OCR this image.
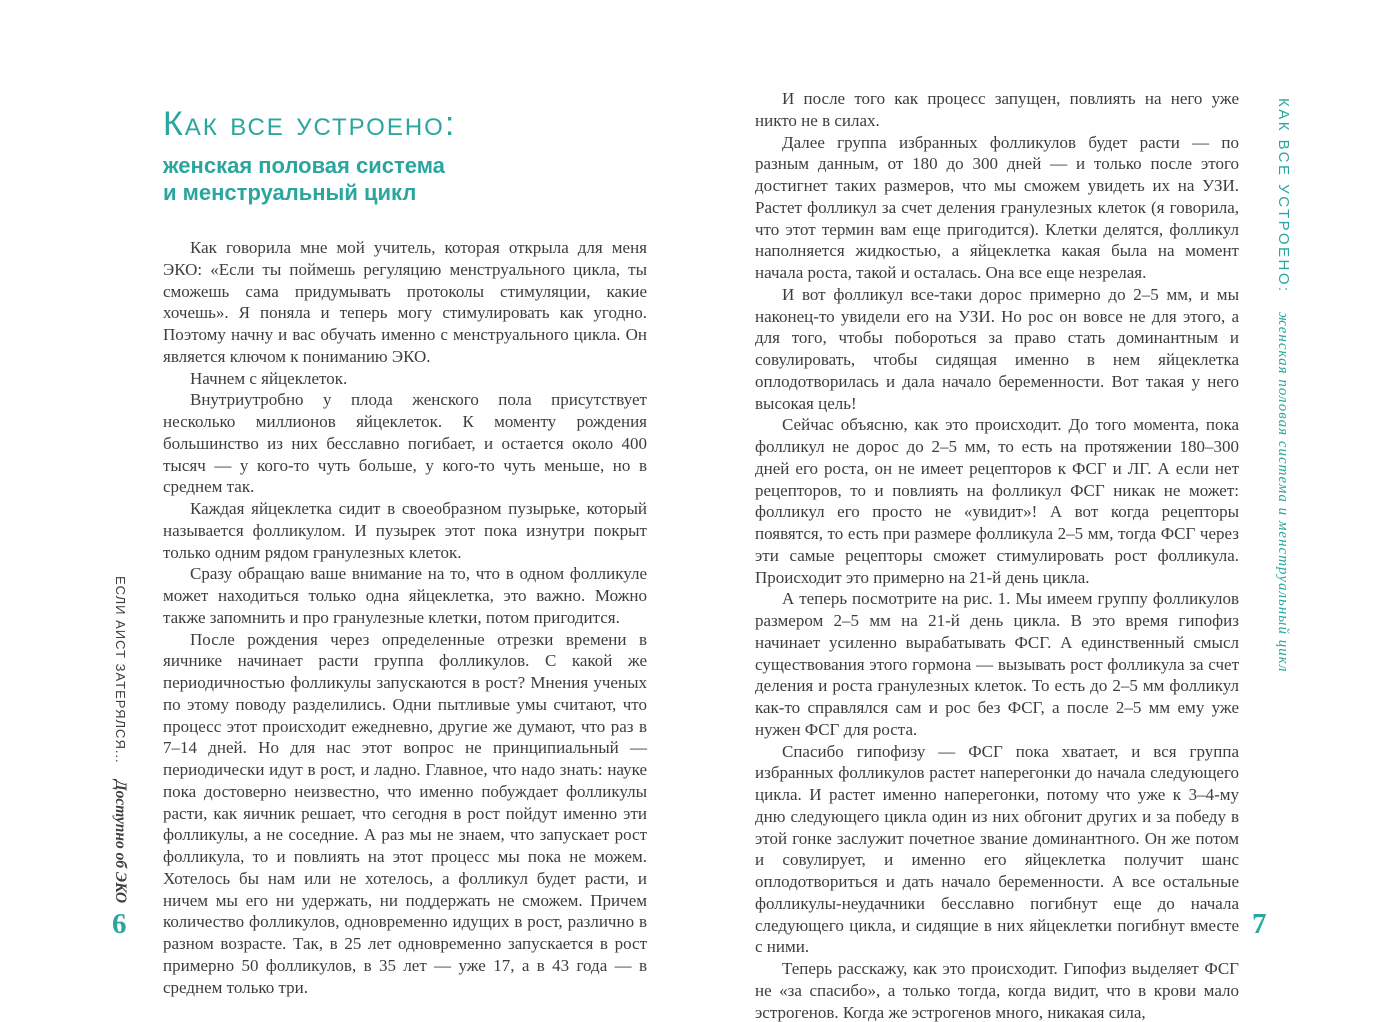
ЕСЛИ АИСТ ЗАТЕРЯЛСЯ... Доступно об ЭКО
Как все устроено:
женская половая система
и менструальный цикл

Как говорила мне мой учитель, которая открыла для меня ЭКО: «Если ты поймешь регуляцию менструального цикла, ты сможешь сама придумывать протоколы стимуляции, какие хочешь». Я поняла и теперь могу стимулировать как угодно. Поэтому начну и вас обучать именно с менструального цикла. Он является ключом к пониманию ЭКО.

Начнем с яйцеклеток.

Внутриутробно у плода женского пола присутствует несколько миллионов яйцеклеток. К моменту рождения большинство из них бесславно погибает, и остается около 400 тысяч — у кого-то чуть больше, у кого-то чуть меньше, но в среднем так.

Каждая яйцеклетка сидит в своеобразном пузырьке, который называется фолликулом. И пузырек этот пока изнутри покрыт только одним рядом гранулезных клеток.

Сразу обращаю ваше внимание на то, что в одном фолликуле может находиться только одна яйцеклетка, это важно. Можно также запомнить и про гранулезные клетки, потом пригодится.

После рождения через определенные отрезки времени в яичнике начинает расти группа фолликулов. С какой же периодичностью фолликулы запускаются в рост? Мнения ученых по этому поводу разделились. Одни пытливые умы считают, что процесс этот происходит ежедневно, другие же думают, что раз в 7–14 дней. Но для нас этот вопрос не принципиальный — периодически идут в рост, и ладно. Главное, что надо знать: науке пока достоверно неизвестно, что именно побуждает фолликулы расти, как яичник решает, что сегодня в рост пойдут именно эти фолликулы, а не соседние. А раз мы не знаем, что запускает рост фолликула, то и повлиять на этот процесс мы пока не можем. Хотелось бы нам или не хотелось, а фолликул будет расти, и ничем мы его ни удержать, ни поддержать не сможем. Причем количество фолликулов, одновременно идущих в рост, различно в разном возрасте. Так, в 25 лет одновременно запускается в рост примерно 50 фолликулов, в 35 лет — уже 17, а в 43 года — в среднем только три.

6

И после того как процесс запущен, повлиять на него уже никто не в силах.

Далее группа избранных фолликулов будет расти — по разным данным, от 180 до 300 дней — и только после этого достигнет таких размеров, что мы сможем увидеть их на УЗИ. Растет фолликул за счет деления гранулезных клеток (я говорила, что этот термин вам еще пригодится). Клетки делятся, фолликул наполняется жидкостью, а яйцеклетка какая была на момент начала роста, такой и осталась. Она все еще незрелая.

И вот фолликул все-таки дорос примерно до 2–5 мм, и мы наконец-то увидели его на УЗИ. Но рос он вовсе не для этого, а для того, чтобы побороться за право стать доминантным и совулировать, чтобы сидящая именно в нем яйцеклетка оплодотворилась и дала начало беременности. Вот такая у него высокая цель!

Сейчас объясню, как это происходит. До того момента, пока фолликул не дорос до 2–5 мм, то есть на протяжении 180–300 дней его роста, он не имеет рецепторов к ФСГ и ЛГ. А если нет рецепторов, то и повлиять на фолликул ФСГ никак не может: фолликул его просто не «увидит»! А вот когда рецепторы появятся, то есть при размере фолликула 2–5 мм, тогда ФСГ через эти самые рецепторы сможет стимулировать рост фолликула. Происходит это примерно на 21-й день цикла.

А теперь посмотрите на рис. 1. Мы имеем группу фолликулов размером 2–5 мм на 21-й день цикла. В это время гипофиз начинает усиленно вырабатывать ФСГ. А единственный смысл существования этого гормона — вызывать рост фолликула за счет деления и роста гранулезных клеток. То есть до 2–5 мм фолликул как-то справлялся сам и рос без ФСГ, а после 2–5 мм ему уже нужен ФСГ для роста.

Спасибо гипофизу — ФСГ пока хватает, и вся группа избранных фолликулов растет наперегонки до начала следующего цикла. И растет именно наперегонки, потому что уже к 3–4-му дню следующего цикла один из них обгонит других и за победу в этой гонке заслужит почетное звание доминантного. Он же потом и совулирует, и именно его яйцеклетка получит шанс оплодотвориться и дать начало беременности. А все остальные фолликулы-неудачники бесславно погибнут еще до начала следующего цикла, и сидящие в них яйцеклетки погибнут вместе с ними.

Теперь расскажу, как это происходит. Гипофиз выделяет ФСГ не «за спасибо», а только тогда, когда видит, что в крови мало эстрогенов. Когда же эстрогенов много, никакая сила,

КАК ВСЕ УСТРОЕНО: женская половая система и менструальный цикл
7
